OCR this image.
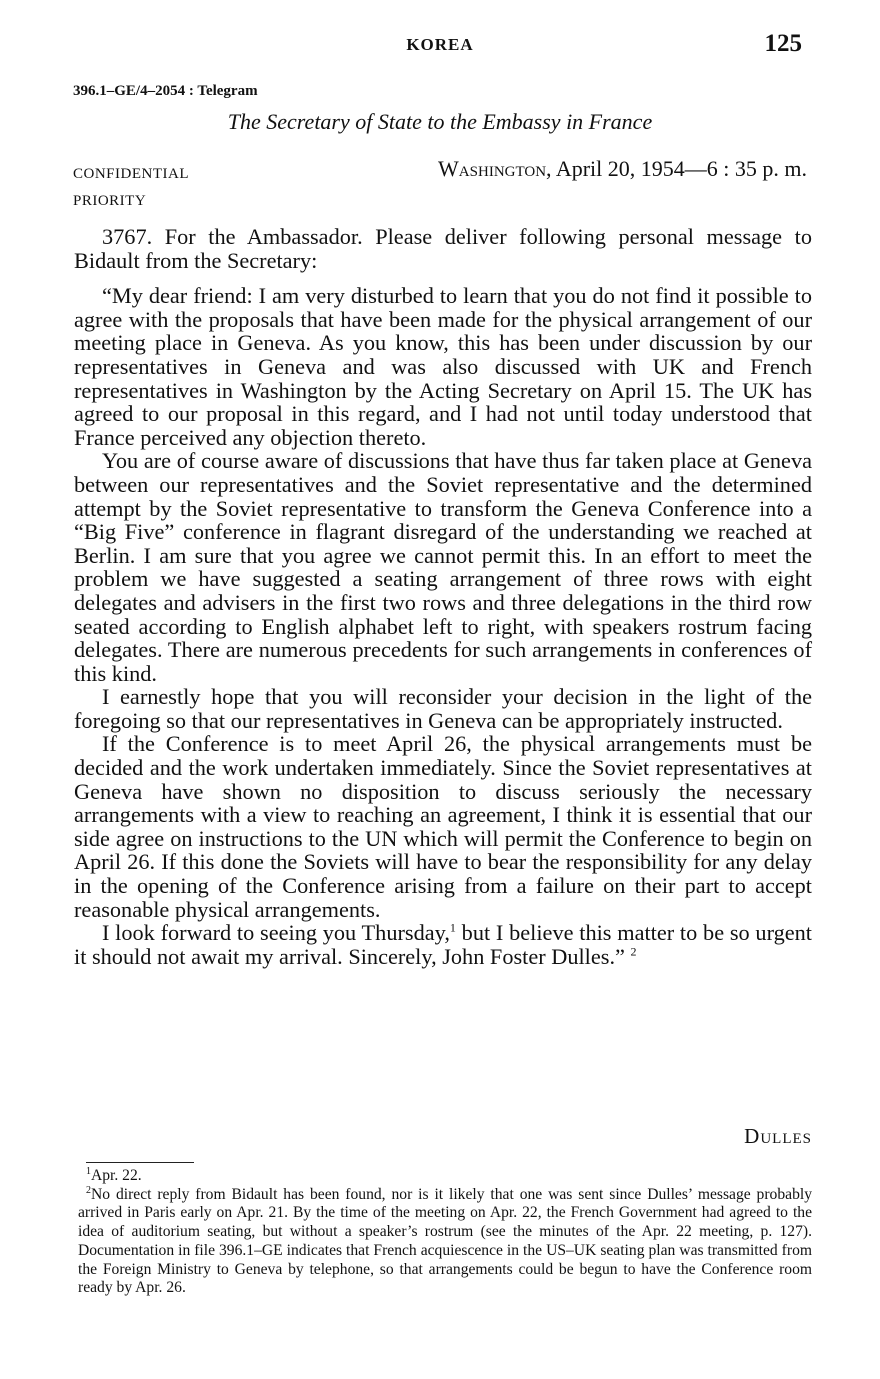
KOREA	125
396.1–GE/4–2054 : Telegram
The Secretary of State to the Embassy in France
CONFIDENTIAL	Washington, April 20, 1954—6 : 35 p. m.
PRIORITY

3767. For the Ambassador. Please deliver following personal message to Bidault from the Secretary:

“My dear friend: I am very disturbed to learn that you do not find it possible to agree with the proposals that have been made for the physical arrangement of our meeting place in Geneva. As you know, this has been under discussion by our representatives in Geneva and was also discussed with UK and French representatives in Washington by the Acting Secretary on April 15. The UK has agreed to our proposal in this regard, and I had not until today understood that France perceived any objection thereto.

You are of course aware of discussions that have thus far taken place at Geneva between our representatives and the Soviet representative and the determined attempt by the Soviet representative to transform the Geneva Conference into a “Big Five” conference in flagrant disregard of the understanding we reached at Berlin. I am sure that you agree we cannot permit this. In an effort to meet the problem we have suggested a seating arrangement of three rows with eight delegates and advisers in the first two rows and three delegations in the third row seated according to English alphabet left to right, with speakers rostrum facing delegates. There are numerous precedents for such arrangements in conferences of this kind.

I earnestly hope that you will reconsider your decision in the light of the foregoing so that our representatives in Geneva can be appropriately instructed.

If the Conference is to meet April 26, the physical arrangements must be decided and the work undertaken immediately. Since the Soviet representatives at Geneva have shown no disposition to discuss seriously the necessary arrangements with a view to reaching an agreement, I think it is essential that our side agree on instructions to the UN which will permit the Conference to begin on April 26. If this done the Soviets will have to bear the responsibility for any delay in the opening of the Conference arising from a failure on their part to accept reasonable physical arrangements.

I look forward to seeing you Thursday,$^1$ but I believe this matter to be so urgent it should not await my arrival. Sincerely, John Foster Dulles.” $^2$

Dulles

$^1$Apr. 22.

$^2$No direct reply from Bidault has been found, nor is it likely that one was sent since Dulles’ message probably arrived in Paris early on Apr. 21. By the time of the meeting on Apr. 22, the French Government had agreed to the idea of auditorium seating, but without a speaker’s rostrum (see the minutes of the Apr. 22 meeting, p. 127). Documentation in file 396.1–GE indicates that French acquiescence in the US–UK seating plan was transmitted from the Foreign Ministry to Geneva by telephone, so that arrangements could be begun to have the Conference room ready by Apr. 26.
